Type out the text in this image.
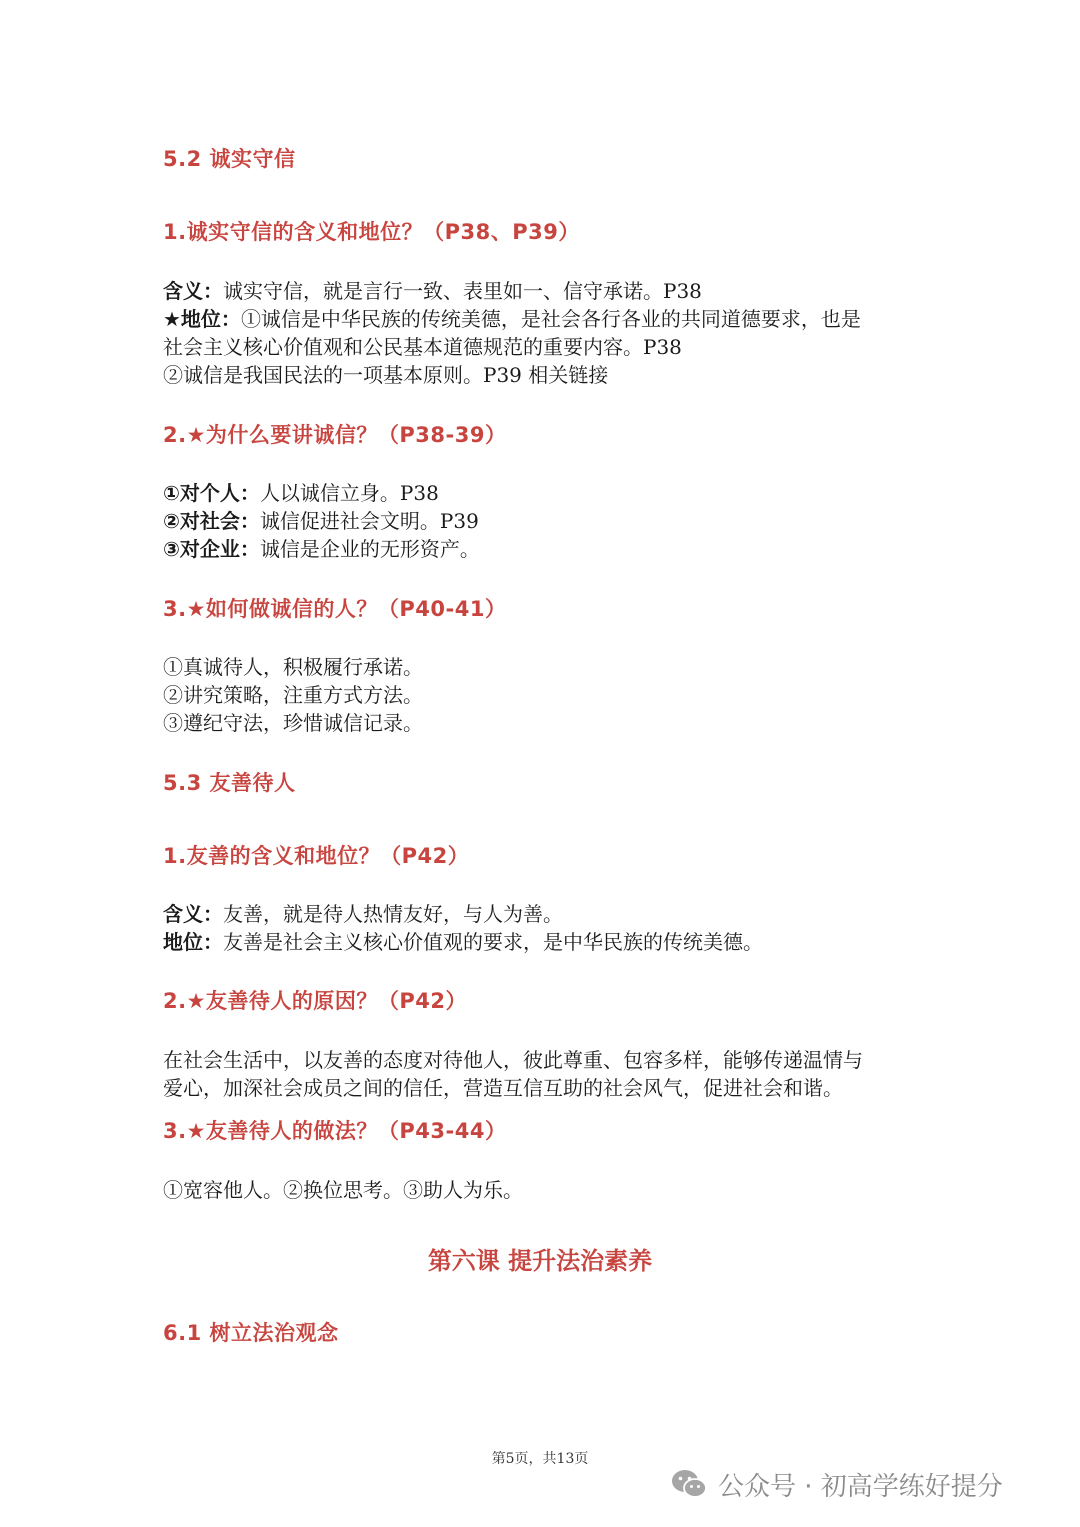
5.2 诚实守信
1.诚实守信的含义和地位？（P38、P39）

含义：诚实守信，就是言行一致、表里如一、信守承诺。P38

★地位：①诚信是中华民族的传统美德，是社会各行各业的共同道德要求，也是

社会主义核心价值观和公民基本道德规范的重要内容。P38

②诚信是我国民法的一项基本原则。P39 相关链接

2.★为什么要讲诚信？（P38-39）

①对个人：人以诚信立身。P38

②对社会：诚信促进社会文明。P39

③对企业：诚信是企业的无形资产。

3.★如何做诚信的人？（P40-41）

①真诚待人，积极履行承诺。

②讲究策略，注重方式方法。

③遵纪守法，珍惜诚信记录。

5.3 友善待人
1.友善的含义和地位？（P42）

含义：友善，就是待人热情友好，与人为善。

地位：友善是社会主义核心价值观的要求，是中华民族的传统美德。

2.★友善待人的原因？（P42）

在社会生活中，以友善的态度对待他人，彼此尊重、包容多样，能够传递温情与

爱心，加深社会成员之间的信任，营造互信互助的社会风气，促进社会和谐。

3.★友善待人的做法？（P43-44）

①宽容他人。②换位思考。③助人为乐。

第六课 提升法治素养
6.1 树立法治观念
第5页，共13页
公众号 · 初高学练好提分
